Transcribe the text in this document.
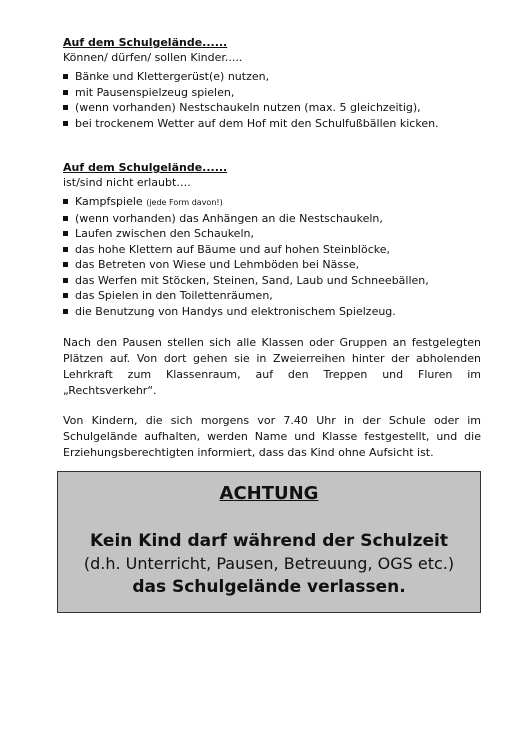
Auf dem Schulgelände......
Können/ dürfen/ sollen Kinder.....
Bänke und Klettergerüst(e) nutzen,
mit Pausenspielzeug spielen,
(wenn vorhanden) Nestschaukeln nutzen (max. 5 gleichzeitig),
bei trockenem Wetter auf dem Hof mit den Schulfußbällen kicken.
Auf dem Schulgelände......
ist/sind nicht erlaubt….
Kampfspiele (jede Form davon!)
(wenn vorhanden) das Anhängen an die Nestschaukeln,
Laufen zwischen den Schaukeln,
das hohe Klettern auf Bäume und auf hohen Steinblöcke,
das Betreten von Wiese und Lehmböden bei Nässe,
das Werfen mit Stöcken, Steinen, Sand, Laub und Schneebällen,
das Spielen in den Toilettenräumen,
die Benutzung von Handys und elektronischem Spielzeug.

Nach den Pausen stellen sich alle Klassen oder Gruppen an festgelegten Plätzen auf. Von dort gehen sie in Zweierreihen hinter der abholenden Lehrkraft zum Klassenraum, auf den Treppen und Fluren im „Rechtsverkehr“.

Von Kindern, die sich morgens vor 7.40 Uhr in der Schule oder im Schulgelände aufhalten, werden Name und Klasse festgestellt, und die Erziehungsberechtigten informiert, dass das Kind ohne Aufsicht ist.

ACHTUNG
Kein Kind darf während der Schulzeit
(d.h. Unterricht, Pausen, Betreuung, OGS etc.)
das Schulgelände verlassen.
